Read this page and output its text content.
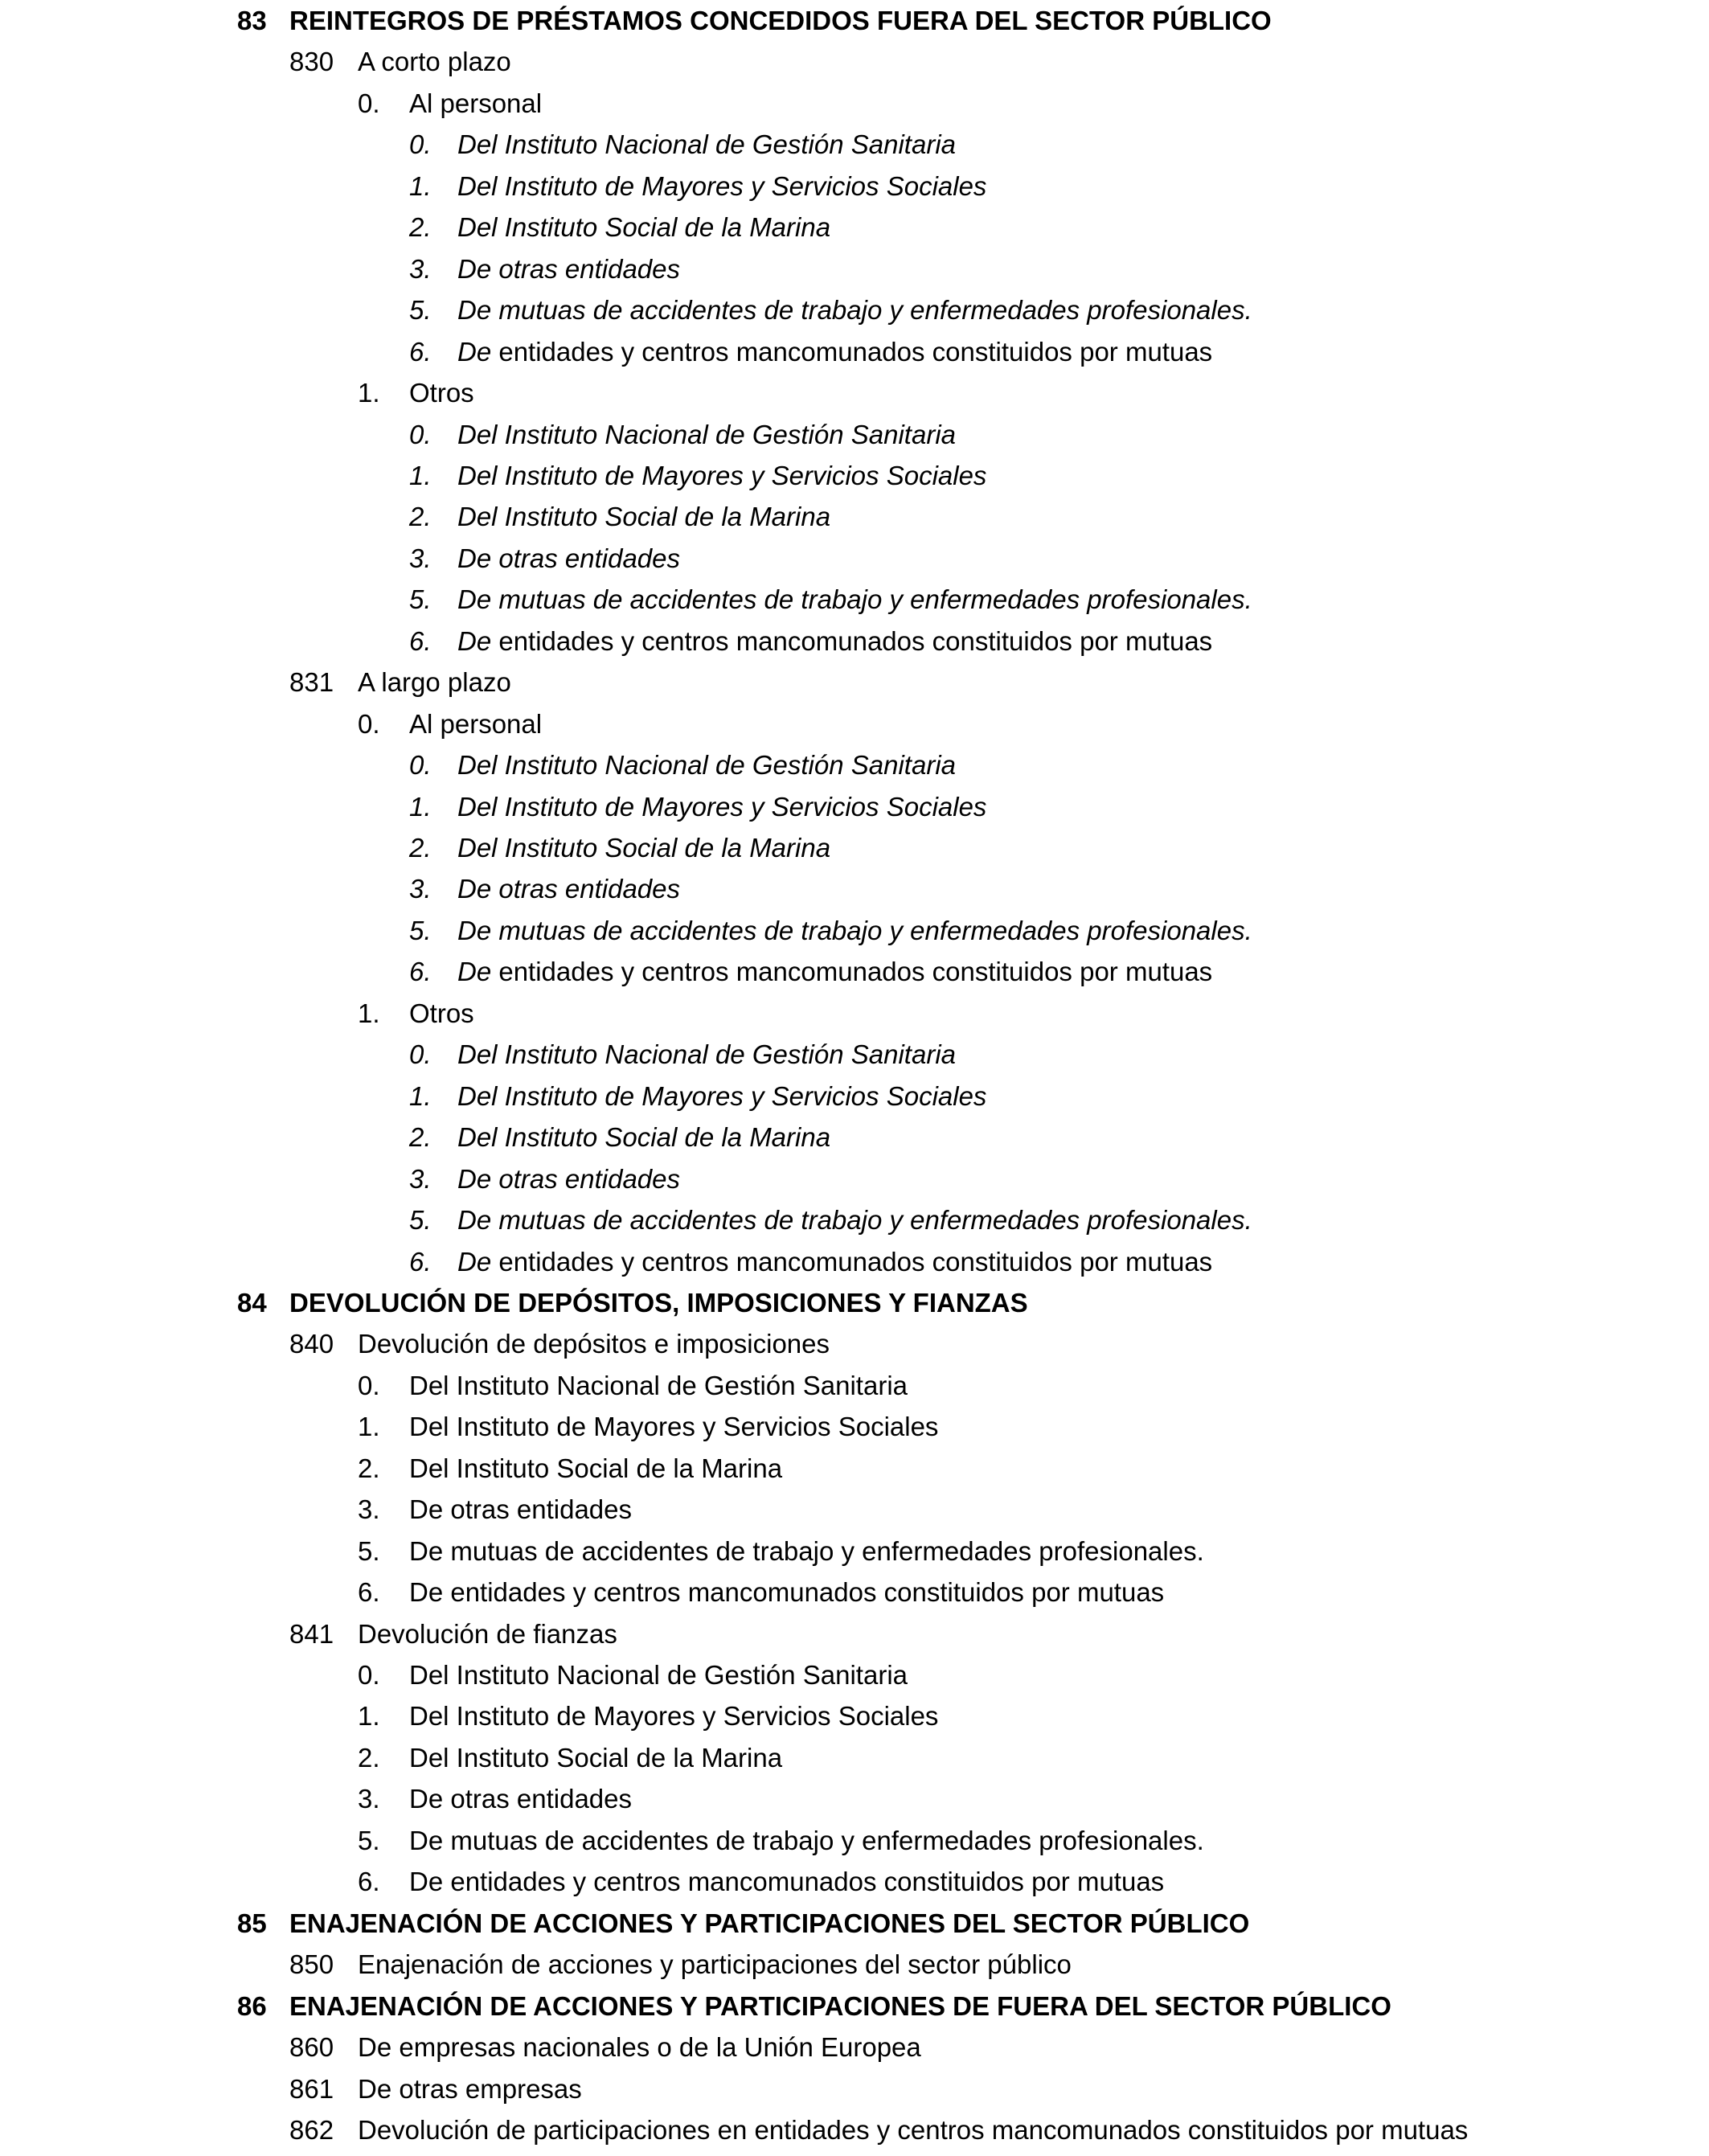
83 REINTEGROS DE PRÉSTAMOS CONCEDIDOS FUERA DEL SECTOR PÚBLICO
830 A corto plazo
0. Al personal
0. Del Instituto Nacional de Gestión Sanitaria
1. Del Instituto de Mayores y Servicios Sociales
2. Del Instituto Social de la Marina
3. De otras entidades
5. De mutuas de accidentes de trabajo y enfermedades profesionales.
6. De entidades y centros mancomunados constituidos por mutuas
1. Otros
0. Del Instituto Nacional de Gestión Sanitaria
1. Del Instituto de Mayores y Servicios Sociales
2. Del Instituto Social de la Marina
3. De otras entidades
5. De mutuas de accidentes de trabajo y enfermedades profesionales.
6. De entidades y centros mancomunados constituidos por mutuas
831 A largo plazo
0. Al personal
0. Del Instituto Nacional de Gestión Sanitaria
1. Del Instituto de Mayores y Servicios Sociales
2. Del Instituto Social de la Marina
3. De otras entidades
5. De mutuas de accidentes de trabajo y enfermedades profesionales.
6. De entidades y centros mancomunados constituidos por mutuas
1. Otros
0. Del Instituto Nacional de Gestión Sanitaria
1. Del Instituto de Mayores y Servicios Sociales
2. Del Instituto Social de la Marina
3. De otras entidades
5. De mutuas de accidentes de trabajo y enfermedades profesionales.
6. De entidades y centros mancomunados constituidos por mutuas
84 DEVOLUCIÓN DE DEPÓSITOS, IMPOSICIONES Y FIANZAS
840 Devolución de depósitos e imposiciones
0. Del Instituto Nacional de Gestión Sanitaria
1. Del Instituto de Mayores y Servicios Sociales
2. Del Instituto Social de la Marina
3. De otras entidades
5. De mutuas de accidentes de trabajo y enfermedades profesionales.
6. De entidades y centros mancomunados constituidos por mutuas
841 Devolución de fianzas
0. Del Instituto Nacional de Gestión Sanitaria
1. Del Instituto de Mayores y Servicios Sociales
2. Del Instituto Social de la Marina
3. De otras entidades
5. De mutuas de accidentes de trabajo y enfermedades profesionales.
6. De entidades y centros mancomunados constituidos por mutuas
85 ENAJENACIÓN DE ACCIONES Y PARTICIPACIONES DEL SECTOR PÚBLICO
850 Enajenación de acciones y participaciones del sector público
86 ENAJENACIÓN DE ACCIONES Y PARTICIPACIONES DE FUERA DEL SECTOR PÚBLICO
860 De empresas nacionales o de la Unión Europea
861 De otras empresas
862 Devolución de participaciones en entidades y centros mancomunados constituidos por mutuas
